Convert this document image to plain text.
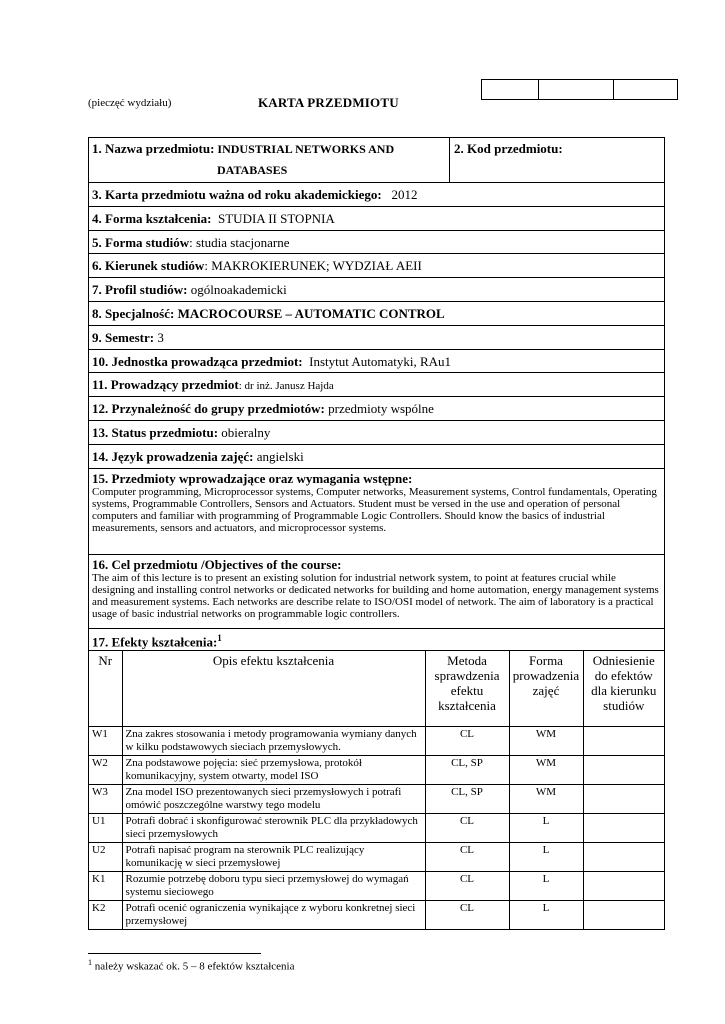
(pieczęć wydziału)	KARTA PRZEDMIOTU
1. Nazwa przedmiotu: INDUSTRIAL NETWORKS AND
DATABASES
2. Kod przedmiotu:
3. Karta przedmiotu ważna od roku akademickiego: 2012
4. Forma kształcenia: STUDIA II STOPNIA
5. Forma studiów: studia stacjonarne
6. Kierunek studiów: MAKROKIERUNEK; WYDZIAŁ AEII
7. Profil studiów: ogólnoakademicki
8. Specjalność: MACROCOURSE – AUTOMATIC CONTROL
9. Semestr: 3
10. Jednostka prowadząca przedmiot: Instytut Automatyki, RAu1
11. Prowadzący przedmiot: dr inż. Janusz Hajda
12. Przynależność do grupy przedmiotów: przedmioty wspólne
13. Status przedmiotu: obieralny
14. Język prowadzenia zajęć: angielski
15. Przedmioty wprowadzające oraz wymagania wstępne:
Computer programming, Microprocessor systems, Computer networks, Measurement systems, Control fundamentals, Operating systems, Programmable Controllers, Sensors and Actuators. Student must be versed in the use and operation of personal computers and familiar with programming of Programmable Logic Controllers. Should know the basics of industrial measurements, sensors and actuators, and microprocessor systems.
16. Cel przedmiotu /Objectives of the course:
The aim of this lecture is to present an existing solution for industrial network system, to point at features crucial while designing and installing control networks or dedicated networks for building and home automation, energy management systems and measurement systems. Each networks are describe relate to ISO/OSI model of network. The aim of laboratory is a practical usage of basic industrial networks on programmable logic controllers.
17. Efekty kształcenia:$^1$
Nr	Opis efektu kształcenia	Metoda sprawdzenia efektu kształcenia	Forma prowadzenia zajęć	Odniesienie do efektów dla kierunku studiów
W1	Zna zakres stosowania i metody programowania wymiany danych w kilku podstawowych sieciach przemysłowych.	CL	WM	
W2	Zna podstawowe pojęcia: sieć przemysłowa, protokół komunikacyjny, system otwarty, model ISO	CL, SP	WM	
W3	Zna model ISO prezentowanych sieci przemysłowych i potrafi omówić poszczególne warstwy tego modelu	CL, SP	WM	
U1	Potrafi dobrać i skonfigurować sterownik PLC dla przykładowych sieci przemysłowych	CL	L	
U2	Potrafi napisać program na sterownik PLC realizujący komunikację w sieci przemysłowej	CL	L	
K1	Rozumie potrzebę doboru typu sieci przemysłowej do wymagań systemu sieciowego	CL	L	
K2	Potrafi ocenić ograniczenia wynikające z wyboru konkretnej sieci przemysłowej	CL	L	
$^1$ należy wskazać ok. 5 – 8 efektów kształcenia
